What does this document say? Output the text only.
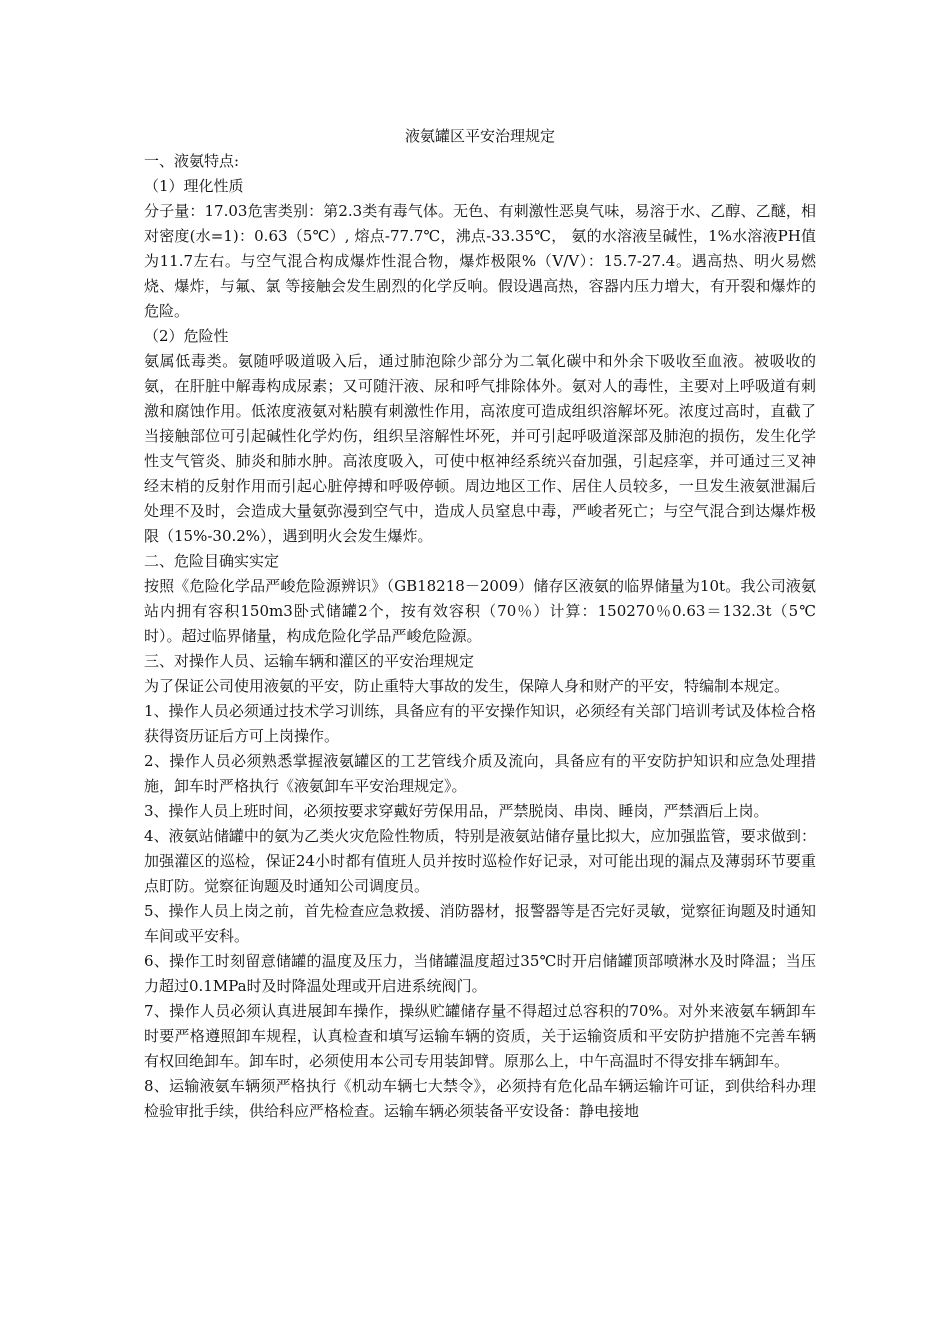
液氨罐区平安治理规定

一、液氨特点:

（1）理化性质

分子量：17.03危害类别：第2.3类有毒气体。无色、有刺激性恶臭气味，易溶于水、乙醇、乙醚，相对密度(水=1)：0.63（5℃）, 熔点-77.7℃，沸点-33.35℃， 氨的水溶液呈碱性，1%水溶液PH值为11.7左右。与空气混合构成爆炸性混合物，爆炸极限%（V/V）：15.7-27.4。遇高热、明火易燃烧、爆炸，与氟、氯 等接触会发生剧烈的化学反响。假设遇高热，容器内压力增大，有开裂和爆炸的危险。

（2）危险性

氨属低毒类。氨随呼吸道吸入后，通过肺泡除少部分为二氧化碳中和外余下吸收至血液。被吸收的氨，在肝脏中解毒构成尿素；又可随汗液、尿和呼气排除体外。氨对人的毒性，主要对上呼吸道有刺激和腐蚀作用。低浓度液氨对粘膜有刺激性作用，高浓度可造成组织溶解坏死。浓度过高时，直截了当接触部位可引起碱性化学灼伤，组织呈溶解性坏死，并可引起呼吸道深部及肺泡的损伤，发生化学性支气管炎、肺炎和肺水肿。高浓度吸入，可使中枢神经系统兴奋加强，引起痉挛，并可通过三叉神经末梢的反射作用而引起心脏停搏和呼吸停顿。周边地区工作、居住人员较多，一旦发生液氨泄漏后处理不及时，会造成大量氨弥漫到空气中，造成人员窒息中毒，严峻者死亡；与空气混合到达爆炸极限（15%-30.2%），遇到明火会发生爆炸。

二、危险目确实实定

按照《危险化学品严峻危险源辨识》（GB18218－2009）储存区液氨的临界储量为10t。我公司液氨站内拥有容积150m3卧式储罐2个，按有效容积（70％）计算：150270％0.63＝132.3t（5℃时）。超过临界储量，构成危险化学品严峻危险源。

三、对操作人员、运输车辆和灌区的平安治理规定

为了保证公司使用液氨的平安，防止重特大事故的发生，保障人身和财产的平安，特编制本规定。

1、操作人员必须通过技术学习训练，具备应有的平安操作知识，必须经有关部门培训考试及体检合格获得资历证后方可上岗操作。

2、操作人员必须熟悉掌握液氨罐区的工艺管线介质及流向，具备应有的平安防护知识和应急处理措施，卸车时严格执行《液氨卸车平安治理规定》。

3、操作人员上班时间，必须按要求穿戴好劳保用品，严禁脱岗、串岗、睡岗，严禁酒后上岗。

4、液氨站储罐中的氨为乙类火灾危险性物质，特别是液氨站储存量比拟大，应加强监管，要求做到：加强灌区的巡检，保证24小时都有值班人员并按时巡检作好记录，对可能出现的漏点及薄弱环节要重点盯防。觉察征询题及时通知公司调度员。

5、操作人员上岗之前，首先检查应急救援、消防器材，报警器等是否完好灵敏，觉察征询题及时通知车间或平安科。

6、操作工时刻留意储罐的温度及压力，当储罐温度超过35℃时开启储罐顶部喷淋水及时降温；当压力超过0.1MPa时及时降温处理或开启进系统阀门。

7、操作人员必须认真进展卸车操作，操纵贮罐储存量不得超过总容积的70%。对外来液氨车辆卸车时要严格遵照卸车规程，认真检查和填写运输车辆的资质，关于运输资质和平安防护措施不完善车辆有权回绝卸车。卸车时，必须使用本公司专用装卸臂。原那么上，中午高温时不得安排车辆卸车。

8、运输液氨车辆须严格执行《机动车辆七大禁令》，必须持有危化品车辆运输许可证，到供给科办理检验审批手续，供给科应严格检查。运输车辆必须装备平安设备：静电接地
